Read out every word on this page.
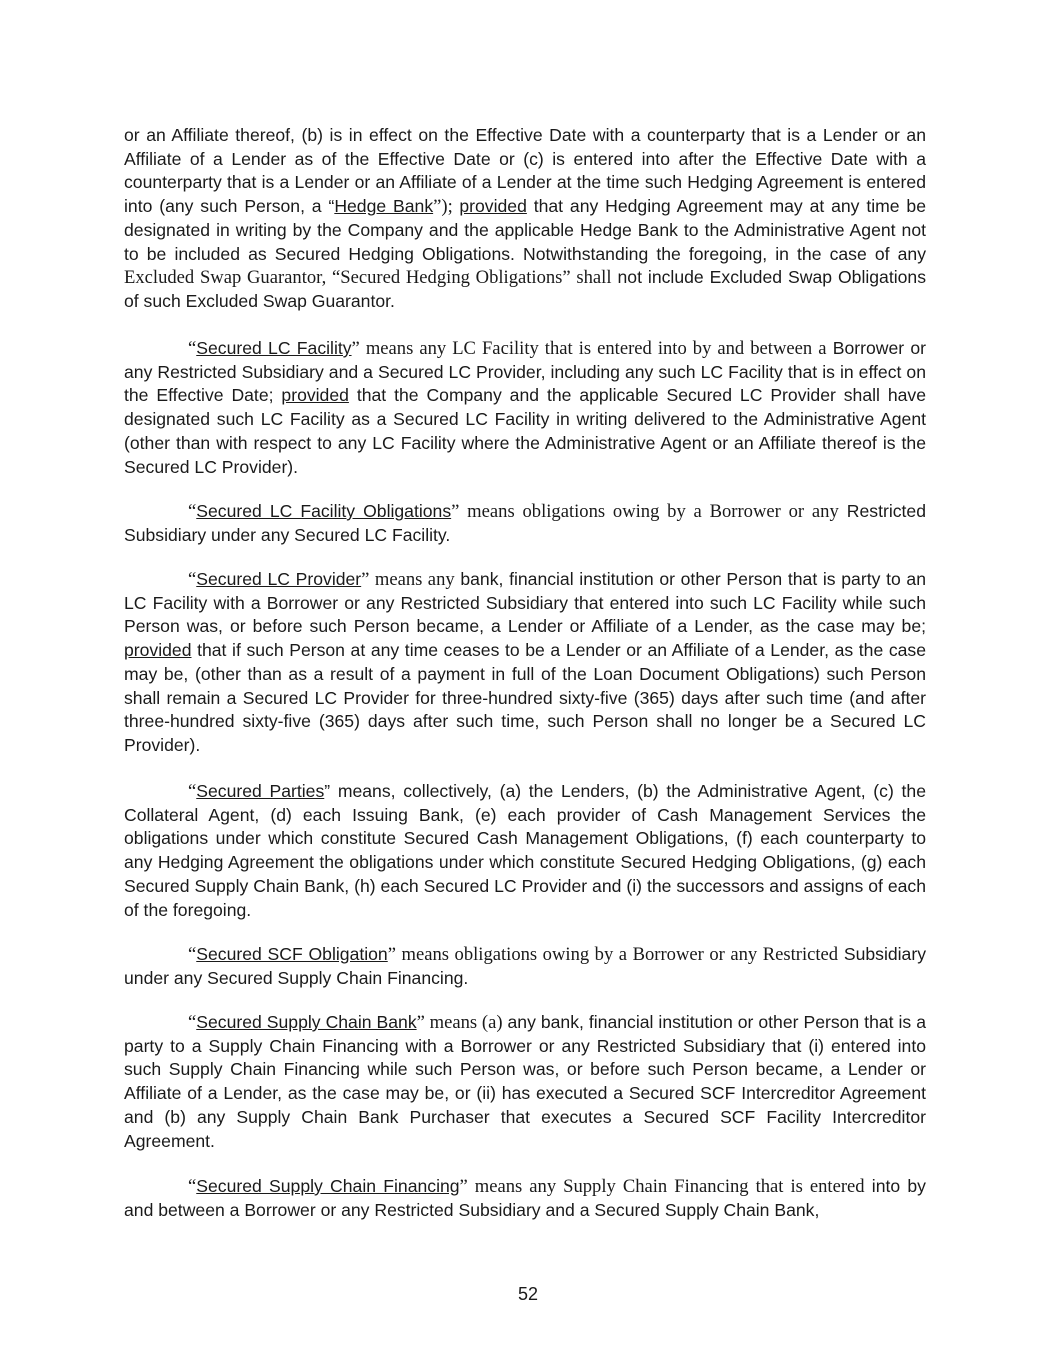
or an Affiliate thereof, (b) is in effect on the Effective Date with a counterparty that is a Lender or an Affiliate of a Lender as of the Effective Date or (c) is entered into after the Effective Date with a counterparty that is a Lender or an Affiliate of a Lender at the time such Hedging Agreement is entered into (any such Person, a “Hedge Bank”); provided that any Hedging Agreement may at any time be designated in writing by the Company and the applicable Hedge Bank to the Administrative Agent not to be included as Secured Hedging Obligations. Notwithstanding the foregoing, in the case of any Excluded Swap Guarantor, “Secured Hedging Obligations” shall not include Excluded Swap Obligations of such Excluded Swap Guarantor.

“Secured LC Facility” means any LC Facility that is entered into by and between a Borrower or any Restricted Subsidiary and a Secured LC Provider, including any such LC Facility that is in effect on the Effective Date; provided that the Company and the applicable Secured LC Provider shall have designated such LC Facility as a Secured LC Facility in writing delivered to the Administrative Agent (other than with respect to any LC Facility where the Administrative Agent or an Affiliate thereof is the Secured LC Provider).

“Secured LC Facility Obligations” means obligations owing by a Borrower or any Restricted Subsidiary under any Secured LC Facility.

“Secured LC Provider” means any bank, financial institution or other Person that is party to an LC Facility with a Borrower or any Restricted Subsidiary that entered into such LC Facility while such Person was, or before such Person became, a Lender or Affiliate of a Lender, as the case may be; provided that if such Person at any time ceases to be a Lender or an Affiliate of a Lender, as the case may be, (other than as a result of a payment in full of the Loan Document Obligations) such Person shall remain a Secured LC Provider for three-hundred sixty-five (365) days after such time (and after three-hundred sixty-five (365) days after such time, such Person shall no longer be a Secured LC Provider).

“Secured Parties” means, collectively, (a) the Lenders, (b) the Administrative Agent, (c) the Collateral Agent, (d) each Issuing Bank, (e) each provider of Cash Management Services the obligations under which constitute Secured Cash Management Obligations, (f) each counterparty to any Hedging Agreement the obligations under which constitute Secured Hedging Obligations, (g) each Secured Supply Chain Bank, (h) each Secured LC Provider and (i) the successors and assigns of each of the foregoing.

“Secured SCF Obligation” means obligations owing by a Borrower or any Restricted Subsidiary under any Secured Supply Chain Financing.

“Secured Supply Chain Bank” means (a) any bank, financial institution or other Person that is a party to a Supply Chain Financing with a Borrower or any Restricted Subsidiary that (i) entered into such Supply Chain Financing while such Person was, or before such Person became, a Lender or Affiliate of a Lender, as the case may be, or (ii) has executed a Secured SCF Intercreditor Agreement and (b) any Supply Chain Bank Purchaser that executes a Secured SCF Facility Intercreditor Agreement.

“Secured Supply Chain Financing” means any Supply Chain Financing that is entered into by and between a Borrower or any Restricted Subsidiary and a Secured Supply Chain Bank,

52
